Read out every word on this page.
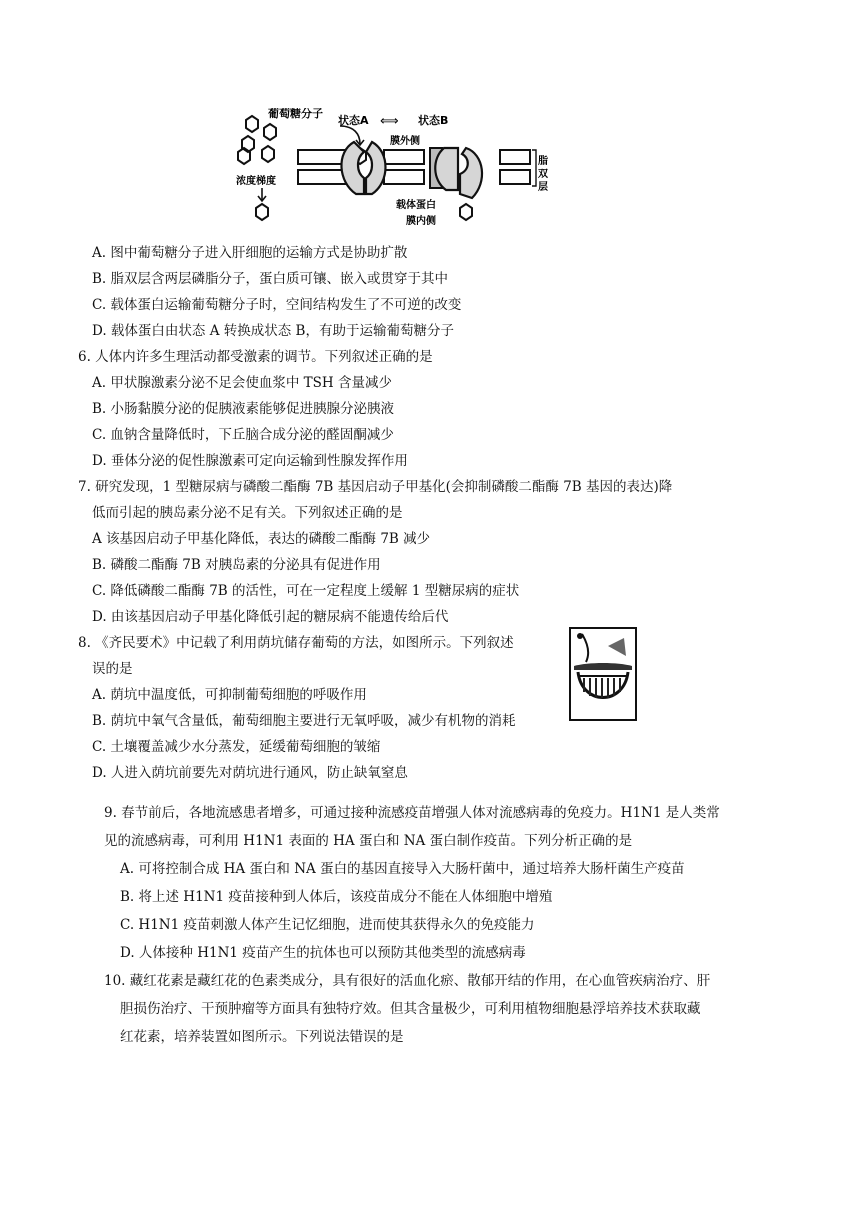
葡萄糖分子
状态A ⟺ 状态B
膜外侧
浓度梯度
载体蛋白
膜内侧
脂
双
层
A. 图中葡萄糖分子进入肝细胞的运输方式是协助扩散
B. 脂双层含两层磷脂分子，蛋白质可镶、嵌入或贯穿于其中
C. 载体蛋白运输葡萄糖分子时，空间结构发生了不可逆的改变
D. 载体蛋白由状态 A 转换成状态 B，有助于运输葡萄糖分子
6. 人体内许多生理活动都受激素的调节。下列叙述正确的是
A. 甲状腺激素分泌不足会使血浆中 TSH 含量减少
B. 小肠黏膜分泌的促胰液素能够促进胰腺分泌胰液
C. 血钠含量降低时，下丘脑合成分泌的醛固酮减少
D. 垂体分泌的促性腺激素可定向运输到性腺发挥作用
7. 研究发现，1 型糖尿病与磷酸二酯酶 7B 基因启动子甲基化(会抑制磷酸二酯酶 7B 基因的表达)降
低而引起的胰岛素分泌不足有关。下列叙述正确的是
A 该基因启动子甲基化降低，表达的磷酸二酯酶 7B 减少
B. 磷酸二酯酶 7B 对胰岛素的分泌具有促进作用
C. 降低磷酸二酯酶 7B 的活性，可在一定程度上缓解 1 型糖尿病的症状
D. 由该基因启动子甲基化降低引起的糖尿病不能遗传给后代
8. 《齐民要术》中记载了利用荫坑储存葡萄的方法，如图所示。下列叙述
误的是
A. 荫坑中温度低，可抑制葡萄细胞的呼吸作用
B. 荫坑中氧气含量低，葡萄细胞主要进行无氧呼吸，减少有机物的消耗
C. 土壤覆盖减少水分蒸发，延缓葡萄细胞的皱缩
D. 人进入荫坑前要先对荫坑进行通风，防止缺氧窒息
9. 春节前后，各地流感患者增多，可通过接种流感疫苗增强人体对流感病毒的免疫力。H1N1 是人类常
见的流感病毒，可利用 H1N1 表面的 HA 蛋白和 NA 蛋白制作疫苗。下列分析正确的是
A. 可将控制合成 HA 蛋白和 NA 蛋白的基因直接导入大肠杆菌中，通过培养大肠杆菌生产疫苗
B. 将上述 H1N1 疫苗接种到人体后，该疫苗成分不能在人体细胞中增殖
C. H1N1 疫苗刺激人体产生记忆细胞，进而使其获得永久的免疫能力
D. 人体接种 H1N1 疫苗产生的抗体也可以预防其他类型的流感病毒
10. 藏红花素是藏红花的色素类成分，具有很好的活血化瘀、散郁开结的作用，在心血管疾病治疗、肝
胆损伤治疗、干预肿瘤等方面具有独特疗效。但其含量极少，可利用植物细胞悬浮培养技术获取藏
红花素，培养装置如图所示。下列说法错误的是
